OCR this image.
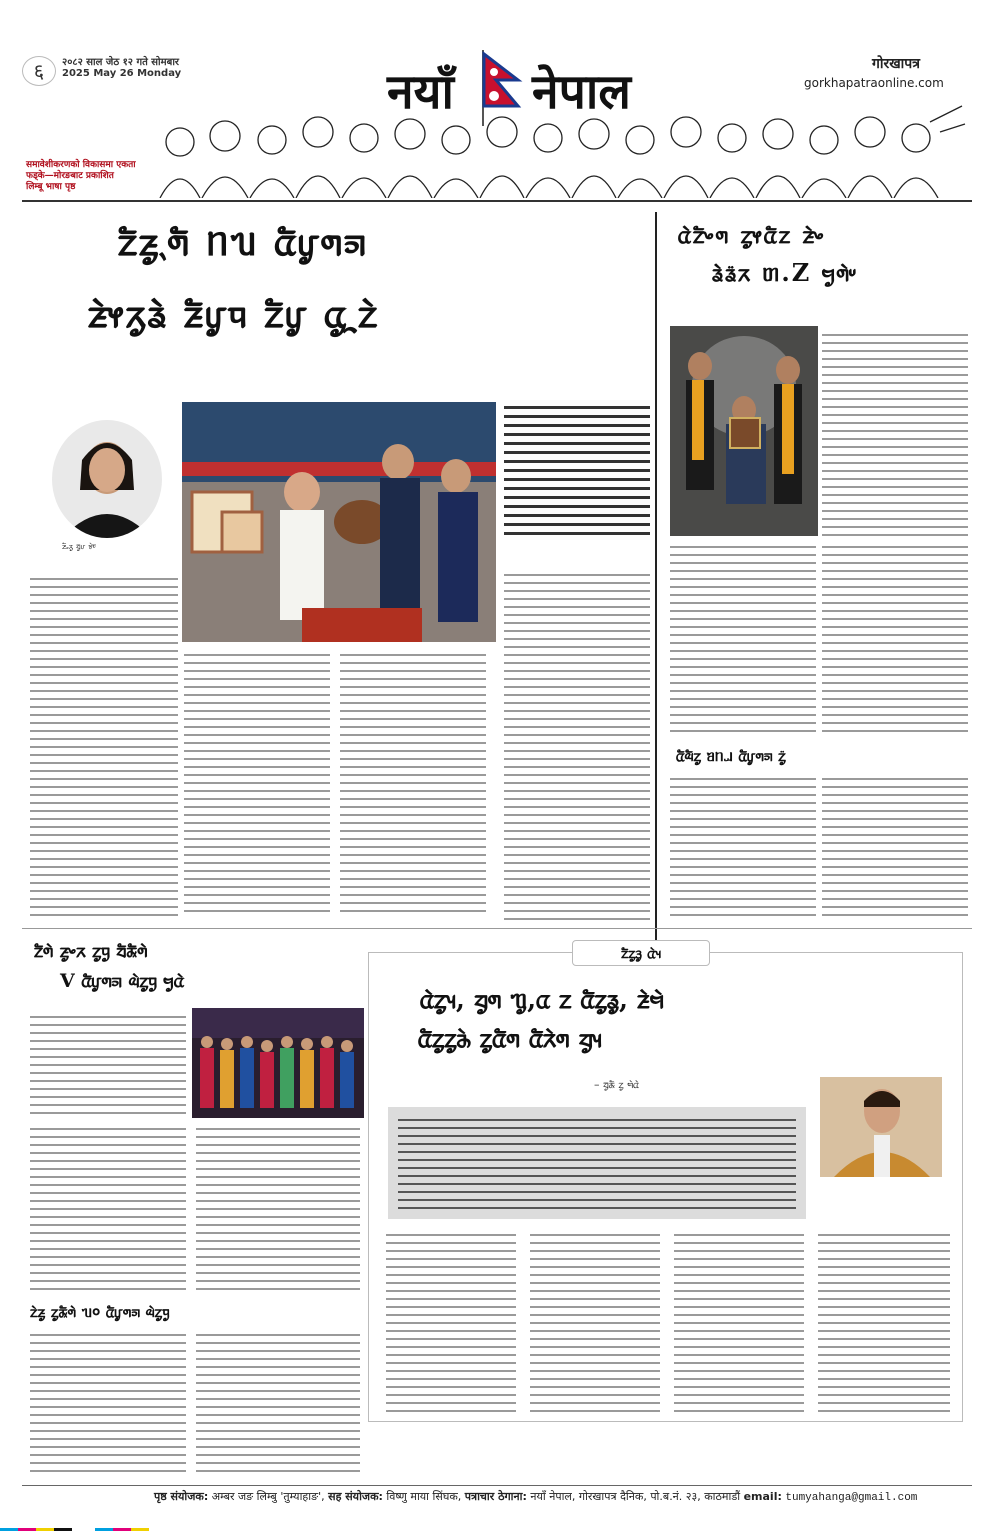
६	२०८२ साल जेठ १२ गते सोमबार
2025 May 26 Monday	नयाँ नेपाल	गोरखापत्र
gorkhapatraonline.com
समावेशीकरणको विकासमा एकता
फड्के—मोरङबाट प्रकाशित
लिम्बू भाषा पृष्ठ
ᤁᤠᤏᤢᤷᤛᤠ ᥒᥔ ᤂᤠᤙᤢᤛᤈ
ᤏᤧᤶᤖᤢᤕᤧ ᤏᤠᤙᤢᤄ ᤁᤠᤙᤢ ᤂᤢᤳᤁᤧ
ᤂᤧᤁᤠᤴᤛ ᤁᤢᤶᤂᤠᤁ ᤏᤧᤴ
ᤕᤧᤕ᤺ᤖ ᥖ.Z ᤗᤢᤛᤧᤸ
ᤏᤠᤱᤖᤢ ᤔᤢᤙ ᤃᤧᤰ
ᤂᤠᤓᤠᤁᤢ ᥑᥒᥘ ᤂᤠᤙᤢᤛᤈ ᤁᤢ᤺
ᤁᤠᤛᤧ ᤏᤢᤴᤖ ᤁᤢᤄᤢ ᤔᤠᤊᤠᤛᤧ
V ᤂᤠᤙᤢᤛᤈ ᤓᤧᤁᤢᤄᤢ ᤗᤢᤂᤧ
ᤁᤧᤏᤢ ᤁᤢᤊᤠᤛᤧ ᥔ० ᤂᤠᤙᤢᤛᤈ ᤓᤧᤁᤢᤄᤢ
ᤁᤠᤁᤢᤋᤢ ᤂᤧᤵ
ᤂᤧᤁᤢᤵ, ᤔᤢᤛ ᥓᤢ,ᤂ ᤁ ᤂᤠᤁᤢᤕᤢ, ᤏᤧᤗᤧ
ᤂᤠᤁᤢᤁᤢᤌᤧ ᤁᤢᤂᤠᤛ ᤂᤠᤖᤧᤛ ᤔᤢᤵ
– ᤔᤢᤊᤠ ᤁᤢ ᤗᤧᤂᤧ
पृष्ठ संयोजक: अम्बर जङ लिम्बु 'तुम्याहाङ', सह संयोजक: विष्णु माया सिंघक, पत्राचार ठेगाना: नयाँ नेपाल, गोरखापत्र दैनिक, पो.ब.नं. २३, काठमाडौं email: tumyahanga@gmail.com
